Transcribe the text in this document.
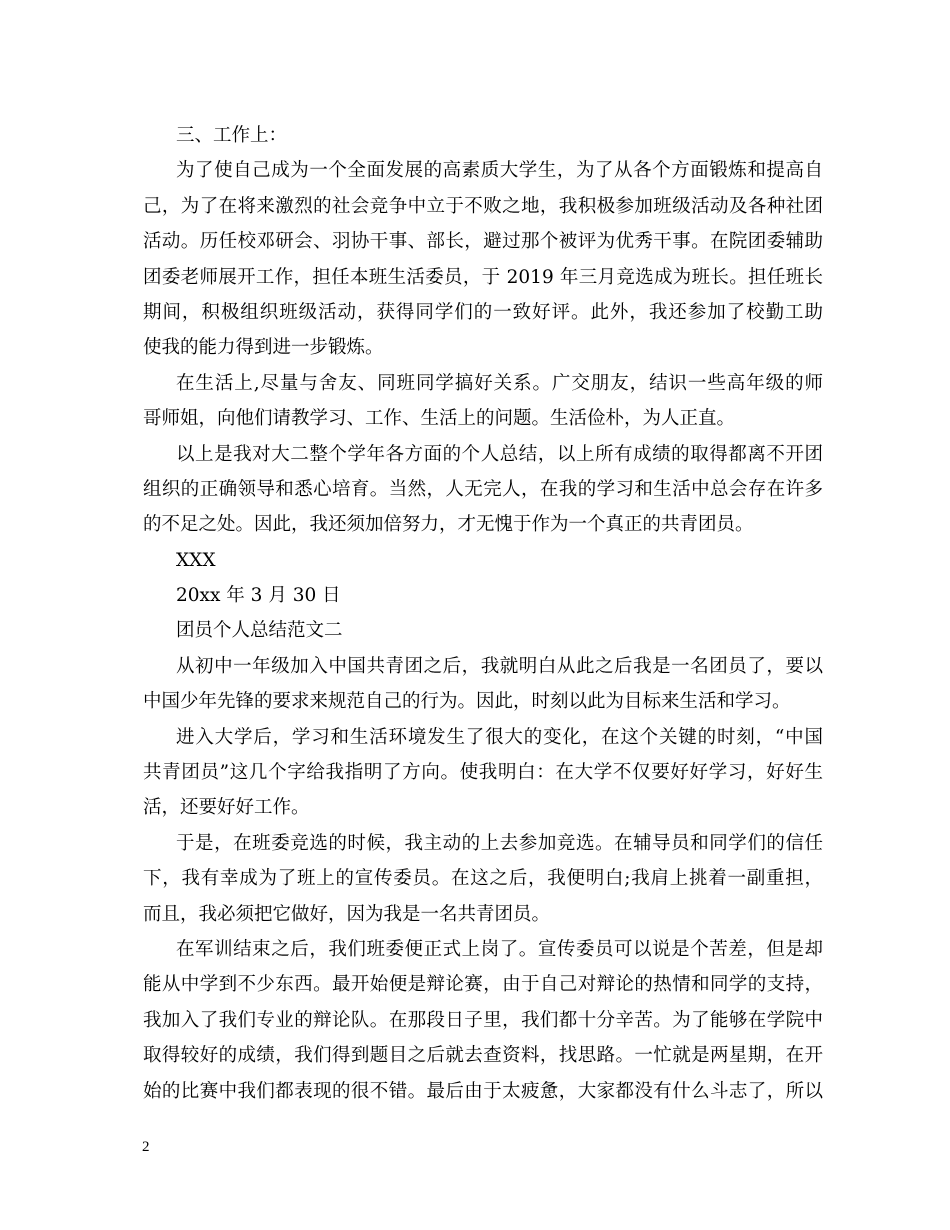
三、工作上：
为了使自己成为一个全面发展的高素质大学生，为了从各个方面锻炼和提高自
己，为了在将来激烈的社会竞争中立于不败之地，我积极参加班级活动及各种社团
活动。历任校邓研会、羽协干事、部长，避过那个被评为优秀干事。在院团委辅助
团委老师展开工作，担任本班生活委员，于 2019 年三月竞选成为班长。担任班长
期间，积极组织班级活动，获得同学们的一致好评。此外，我还参加了校勤工助
使我的能力得到进一步锻炼。
在生活上,尽量与舍友、同班同学搞好关系。广交朋友，结识一些高年级的师
哥师姐，向他们请教学习、工作、生活上的问题。生活俭朴，为人正直。
以上是我对大二整个学年各方面的个人总结，以上所有成绩的取得都离不开团
组织的正确领导和悉心培育。当然，人无完人，在我的学习和生活中总会存在许多
的不足之处。因此，我还须加倍努力，才无愧于作为一个真正的共青团员。
XXX
20xx 年 3 月 30 日
团员个人总结范文二
从初中一年级加入中国共青团之后，我就明白从此之后我是一名团员了，要以
中国少年先锋的要求来规范自己的行为。因此，时刻以此为目标来生活和学习。
进入大学后，学习和生活环境发生了很大的变化，在这个关键的时刻，“中国
共青团员”这几个字给我指明了方向。使我明白：在大学不仅要好好学习，好好生
活，还要好好工作。
于是，在班委竞选的时候，我主动的上去参加竞选。在辅导员和同学们的信任
下，我有幸成为了班上的宣传委员。在这之后，我便明白;我肩上挑着一副重担，
而且，我必须把它做好，因为我是一名共青团员。
在军训结束之后，我们班委便正式上岗了。宣传委员可以说是个苦差，但是却
能从中学到不少东西。最开始便是辩论赛，由于自己对辩论的热情和同学的支持，
我加入了我们专业的辩论队。在那段日子里，我们都十分辛苦。为了能够在学院中
取得较好的成绩，我们得到题目之后就去查资料，找思路。一忙就是两星期，在开
始的比赛中我们都表现的很不错。最后由于太疲惫，大家都没有什么斗志了，所以
2
